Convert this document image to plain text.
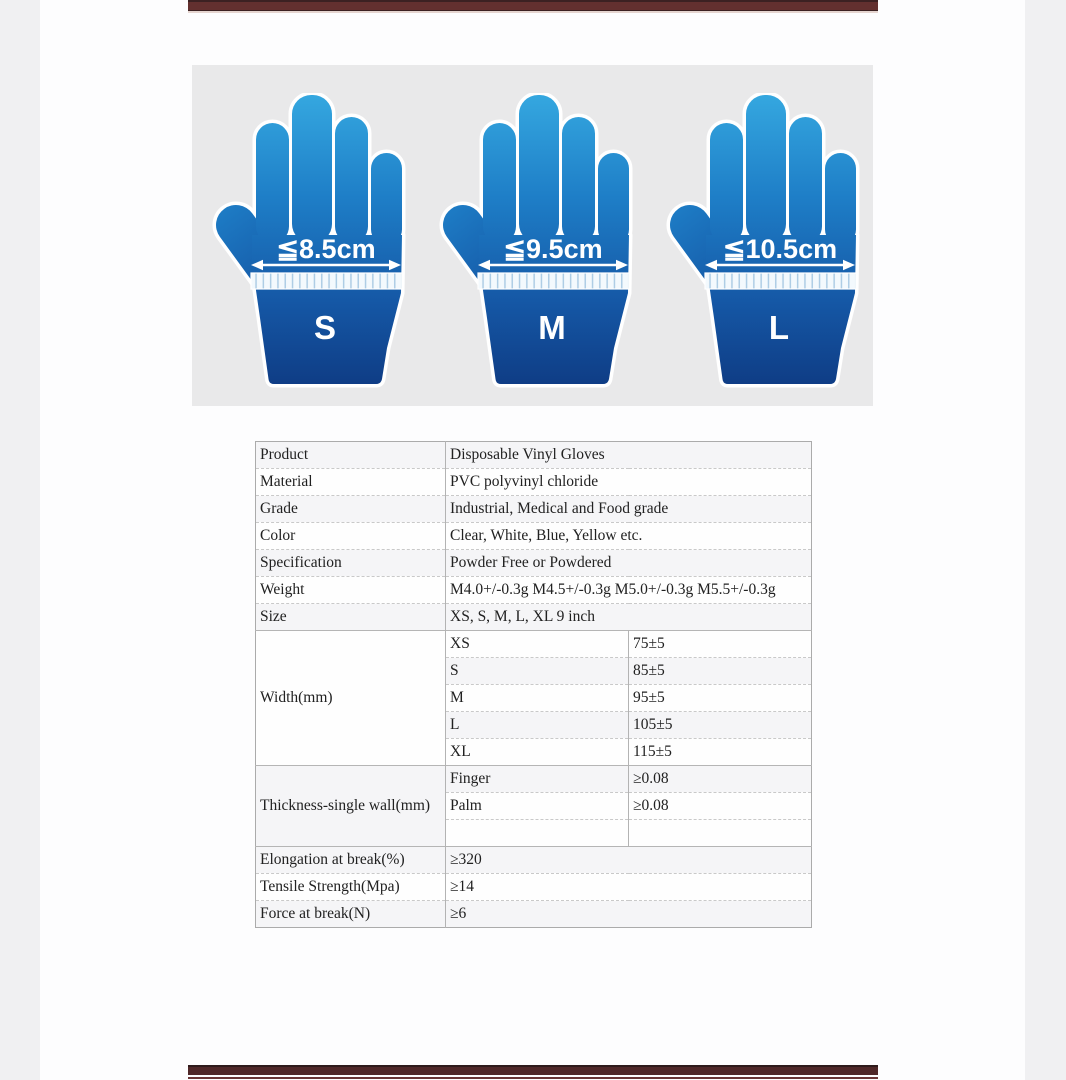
≦8.5cm
S
≦9.5cm
M
≦10.5cm
L
Product	Disposable Vinyl Gloves	
Material	PVC polyvinyl chloride	
Grade	Industrial, Medical and Food grade	
Color	Clear, White, Blue, Yellow etc.	
Specification	Powder Free or Powdered	
Weight	M4.0+/-0.3g M4.5+/-0.3g M5.0+/-0.3g M5.5+/-0.3g	
Size	XS, S, M, L, XL 9 inch	
Width(mm)	XS	75±5
	S	85±5
	M	95±5
	L	105±5
	XL	115±5
Thickness-single wall(mm)	Finger	≥0.08
	Palm	≥0.08

Elongation at break(%)	≥320	
Tensile Strength(Mpa)	≥14	
Force at break(N)	≥6	
